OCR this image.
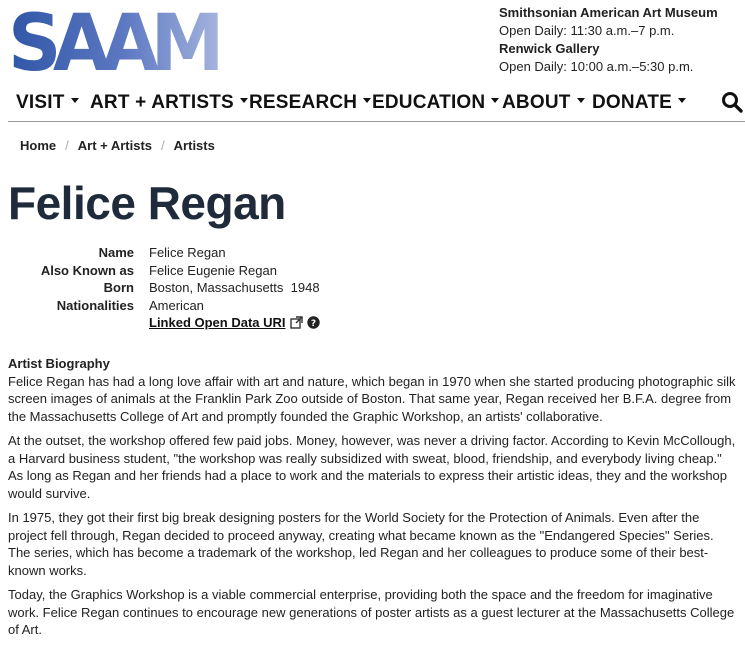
SAAM	Smithsonian American Art Museum
Open Daily: 11:30 a.m.–7 p.m.
Renwick Gallery
Open Daily: 10:00 a.m.–5:30 p.m.
VISIT	ART + ARTISTS RESEARCH EDUCATION ABOUT	DONATE
Home / Art + Artists / Artists
Felice Regan
Name Felice Regan
Also Known as Felice Eugenie Regan
Born Boston, Massachusetts  1948
Nationalities American
Linked Open Data URI	?
Artist Biography

Felice Regan has had a long love affair with art and nature, which began in 1970 when she started producing photographic silk screen images of animals at the Franklin Park Zoo outside of Boston. That same year, Regan received her B.F.A. degree from the Massachusetts College of Art and promptly founded the Graphic Workshop, an artists' collaborative.

At the outset, the workshop offered few paid jobs. Money, however, was never a driving factor. According to Kevin McCollough, a Harvard business student, "the workshop was really subsidized with sweat, blood, friendship, and everybody living cheap." As long as Regan and her friends had a place to work and the materials to express their artistic ideas, they and the workshop would survive.

In 1975, they got their first big break designing posters for the World Society for the Protection of Animals. Even after the project fell through, Regan decided to proceed anyway, creating what became known as the "Endangered Species" Series. The series, which has become a trademark of the workshop, led Regan and her colleagues to produce some of their best-known works.

Today, the Graphics Workshop is a viable commercial enterprise, providing both the space and the freedom for imaginative work. Felice Regan continues to encourage new generations of poster artists as a guest lecturer at the Massachusetts College of Art.
